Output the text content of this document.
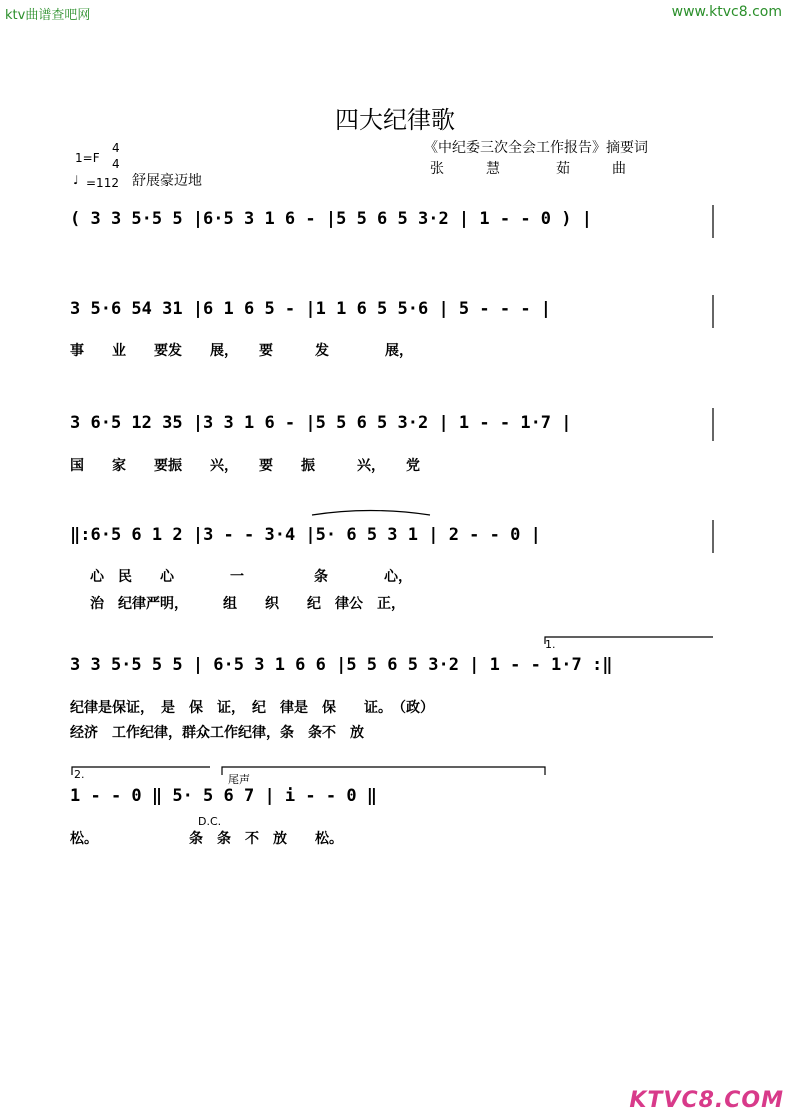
ktv曲谱查吧网	www.ktvc8.com
KTVC8.COM
四大纪律歌
《中纪委三次全会工作报告》摘要词
张　　　慧　　　　茹　　　曲
1=F
4
4
♩ =112 舒展豪迈地
( 3 3 5·5 5 |6·5 3 1 6 - |5 5 6 5 3·2 | 1 - - 0 ) |
3 5·6 54 31 |6 1 6 5 - |1 1 6 5 5·6 | 5 - - - |
事　　业　　要发　　展，　　要　　　发　　　　展，
3 6·5 12 35 |3 3 1 6 - |5 5 6 5 3·2 | 1 - - 1·7 |
国　　家　　要振　　兴，　　要　　振　　　兴，　　党
‖:6·5 6 1 2 |3 - - 3·4 |5· 6 5 3 1 | 2 - - 0 |
心　民　　心　　　　一　　　　　条　　　　心，
治　纪律严明，　　　组　　织　　纪　律公　正，
1.
3 3 5·5 5 5 | 6·5 3 1 6 6 |5 5 6 5 3·2 | 1 - - 1·7 :‖
纪律是保证，　是　保　证，　纪　律是　保　　证。　（政）
经济　工作纪律，群众工作纪律，条　条不　放
2.	尾声
1 - - 0 ‖ 5· 5 6 7 | i - - 0 ‖
D.C.
松。　　　　　　　条　条　不　放　　松。
